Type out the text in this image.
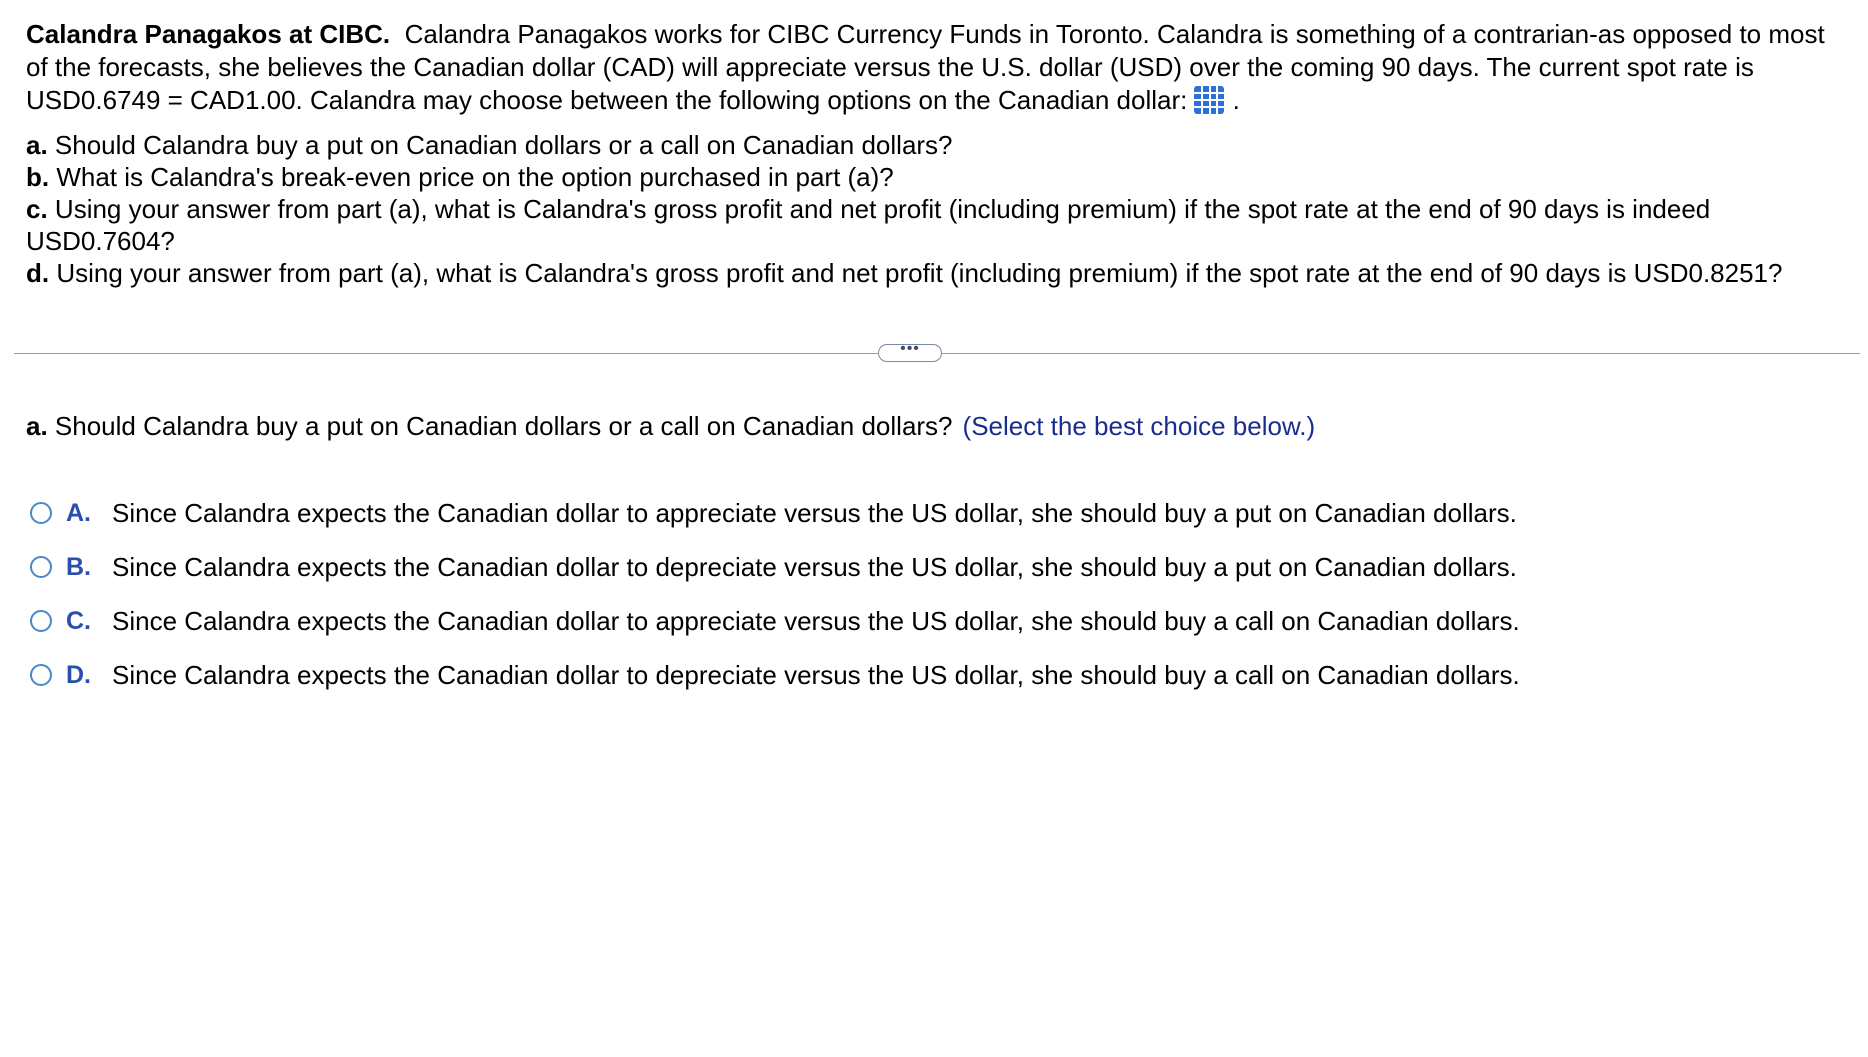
Calandra Panagakos at CIBC. Calandra Panagakos works for CIBC Currency Funds in Toronto. Calandra is something of a contrarian-as opposed to most of the forecasts, she believes the Canadian dollar (CAD) will appreciate versus the U.S. dollar (USD) over the coming 90 days. The current spot rate is USD0.6749 = CAD1.00. Calandra may choose between the following options on the Canadian dollar: .

a. Should Calandra buy a put on Canadian dollars or a call on Canadian dollars?

b. What is Calandra's break-even price on the option purchased in part (a)?

c. Using your answer from part (a), what is Calandra's gross profit and net profit (including premium) if the spot rate at the end of 90 days is indeed USD0.7604?

d. Using your answer from part (a), what is Calandra's gross profit and net profit (including premium) if the spot rate at the end of 90 days is USD0.8251?

•••
a. Should Calandra buy a put on Canadian dollars or a call on Canadian dollars? (Select the best choice below.)
A. Since Calandra expects the Canadian dollar to appreciate versus the US dollar, she should buy a put on Canadian dollars.
B. Since Calandra expects the Canadian dollar to depreciate versus the US dollar, she should buy a put on Canadian dollars.
C. Since Calandra expects the Canadian dollar to appreciate versus the US dollar, she should buy a call on Canadian dollars.
D. Since Calandra expects the Canadian dollar to depreciate versus the US dollar, she should buy a call on Canadian dollars.
